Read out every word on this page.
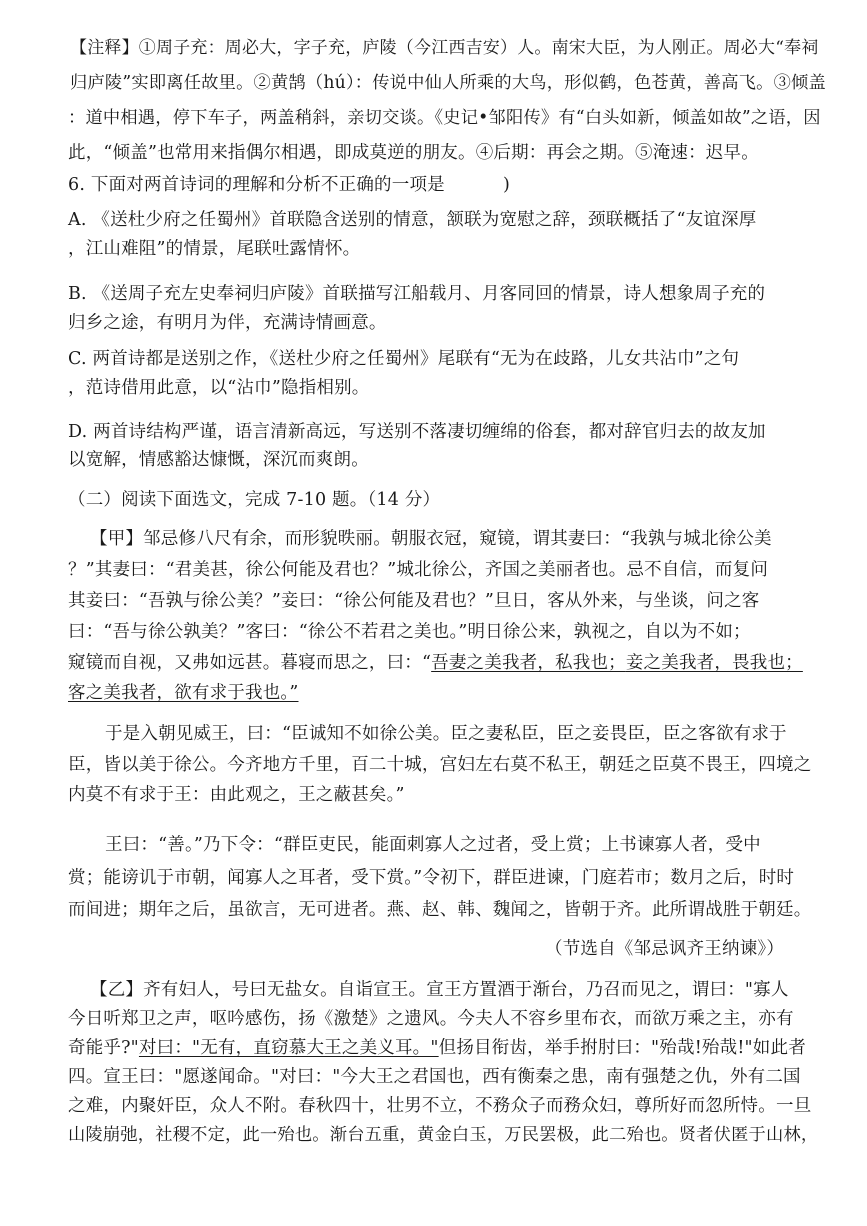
【注释】①周子充：周必大，字子充，庐陵（今江西吉安）人。南宋大臣，为人刚正。周必大“奉祠
归庐陵”实即离任故里。②黄鹄（hú）：传说中仙人所乘的大鸟，形似鹤，色苍黄，善高飞。③倾盖
：道中相遇，停下车子，两盖稍斜，亲切交谈。《史记•邹阳传》有“白头如新，倾盖如故”之语，因
此，“倾盖”也常用来指偶尔相遇，即成莫逆的朋友。④后期：再会之期。⑤淹速：迟早。
6. 下面对两首诗词的理解和分析不正确的一项是	)
A. 《送杜少府之任蜀州》首联隐含送别的情意，颔联为宽慰之辞，颈联概括了“友谊深厚
，江山难阻”的情景，尾联吐露情怀。
B. 《送周子充左史奉祠归庐陵》首联描写江船载月、月客同回的情景，诗人想象周子充的
归乡之途，有明月为伴，充满诗情画意。
C. 两首诗都是送别之作，《送杜少府之任蜀州》尾联有“无为在歧路，儿女共沾巾”之句
，范诗借用此意，以“沾巾”隐指相别。
D. 两首诗结构严谨，语言清新高远，写送别不落凄切缠绵的俗套，都对辞官归去的故友加
以宽解，情感豁达慷慨，深沉而爽朗。
（二）阅读下面选文，完成 7-10 题。（14 分）
【甲】邹忌修八尺有余，而形貌昳丽。朝服衣冠，窥镜，谓其妻曰：“我孰与城北徐公美
？”其妻曰：“君美甚，徐公何能及君也？”城北徐公，齐国之美丽者也。忌不自信，而复问
其妾曰：“吾孰与徐公美？”妾曰：“徐公何能及君也？”旦日，客从外来，与坐谈，问之客
曰：“吾与徐公孰美？”客曰：“徐公不若君之美也。”明日徐公来，孰视之，自以为不如；
窥镜而自视，又弗如远甚。暮寝而思之，曰：“吾妻之美我者，私我也；妾之美我者，畏我也；
客之美我者，欲有求于我也。”
于是入朝见威王，曰：“臣诚知不如徐公美。臣之妻私臣，臣之妾畏臣，臣之客欲有求于
臣，皆以美于徐公。今齐地方千里，百二十城，宫妇左右莫不私王，朝廷之臣莫不畏王，四境之
内莫不有求于王：由此观之，王之蔽甚矣。”
王曰：“善。”乃下令：“群臣吏民，能面刺寡人之过者，受上赏；上书谏寡人者，受中
赏；能谤讥于市朝，闻寡人之耳者，受下赏。”令初下，群臣进谏，门庭若市；数月之后，时时
而间进；期年之后，虽欲言，无可进者。燕、赵、韩、魏闻之，皆朝于齐。此所谓战胜于朝廷。
（节选自《邹忌讽齐王纳谏》）
【乙】齐有妇人，号曰无盐女。自诣宣王。宣王方置酒于渐台，乃召而见之，谓曰："寡人
今日听郑卫之声，呕吟感伤，扬《激楚》之遗风。今夫人不容乡里布衣，而欲万乘之主，亦有
奇能乎?"对曰："无有，直窃慕大王之美义耳。"但扬目衔齿，举手拊肘曰："殆哉!殆哉!"如此者
四。宣王曰："愿遂闻命。"对曰："今大王之君国也，西有衡秦之患，南有强楚之仇，外有二国
之难，内聚奸臣，众人不附。春秋四十，壮男不立，不務众子而務众妇，尊所好而忽所恃。一旦
山陵崩弛，社稷不定，此一殆也。渐台五重，黄金白玉，万民罢极，此二殆也。贤者伏匿于山林，
